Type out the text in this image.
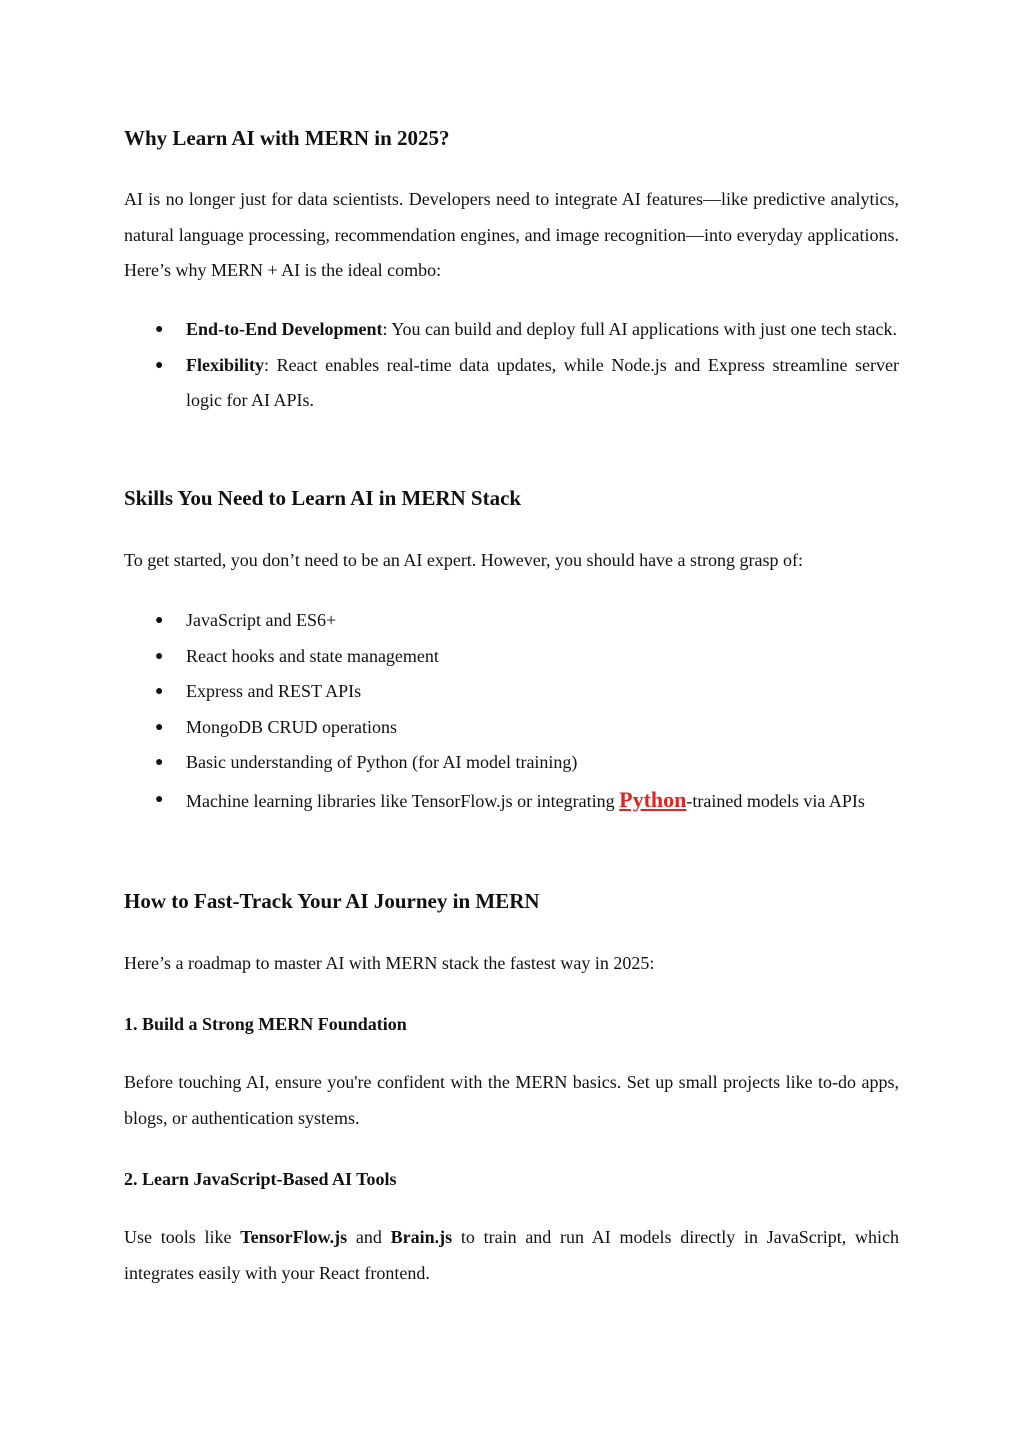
Why Learn AI with MERN in 2025?

AI is no longer just for data scientists. Developers need to integrate AI features—like predictive analytics, natural language processing, recommendation engines, and image recognition—into everyday applications. Here’s why MERN + AI is the ideal combo:

● End-to-End Development: You can build and deploy full AI applications with just one tech stack.
● Flexibility: React enables real-time data updates, while Node.js and Express streamline server logic for AI APIs.
Skills You Need to Learn AI in MERN Stack

To get started, you don’t need to be an AI expert. However, you should have a strong grasp of:

● JavaScript and ES6+
● React hooks and state management
● Express and REST APIs
● MongoDB CRUD operations
● Basic understanding of Python (for AI model training)
● Machine learning libraries like TensorFlow.js or integrating Python-trained models via APIs
How to Fast-Track Your AI Journey in MERN

Here’s a roadmap to master AI with MERN stack the fastest way in 2025:

1. Build a Strong MERN Foundation

Before touching AI, ensure you're confident with the MERN basics. Set up small projects like to-do apps, blogs, or authentication systems.

2. Learn JavaScript-Based AI Tools

Use tools like TensorFlow.js and Brain.js to train and run AI models directly in JavaScript, which integrates easily with your React frontend.
